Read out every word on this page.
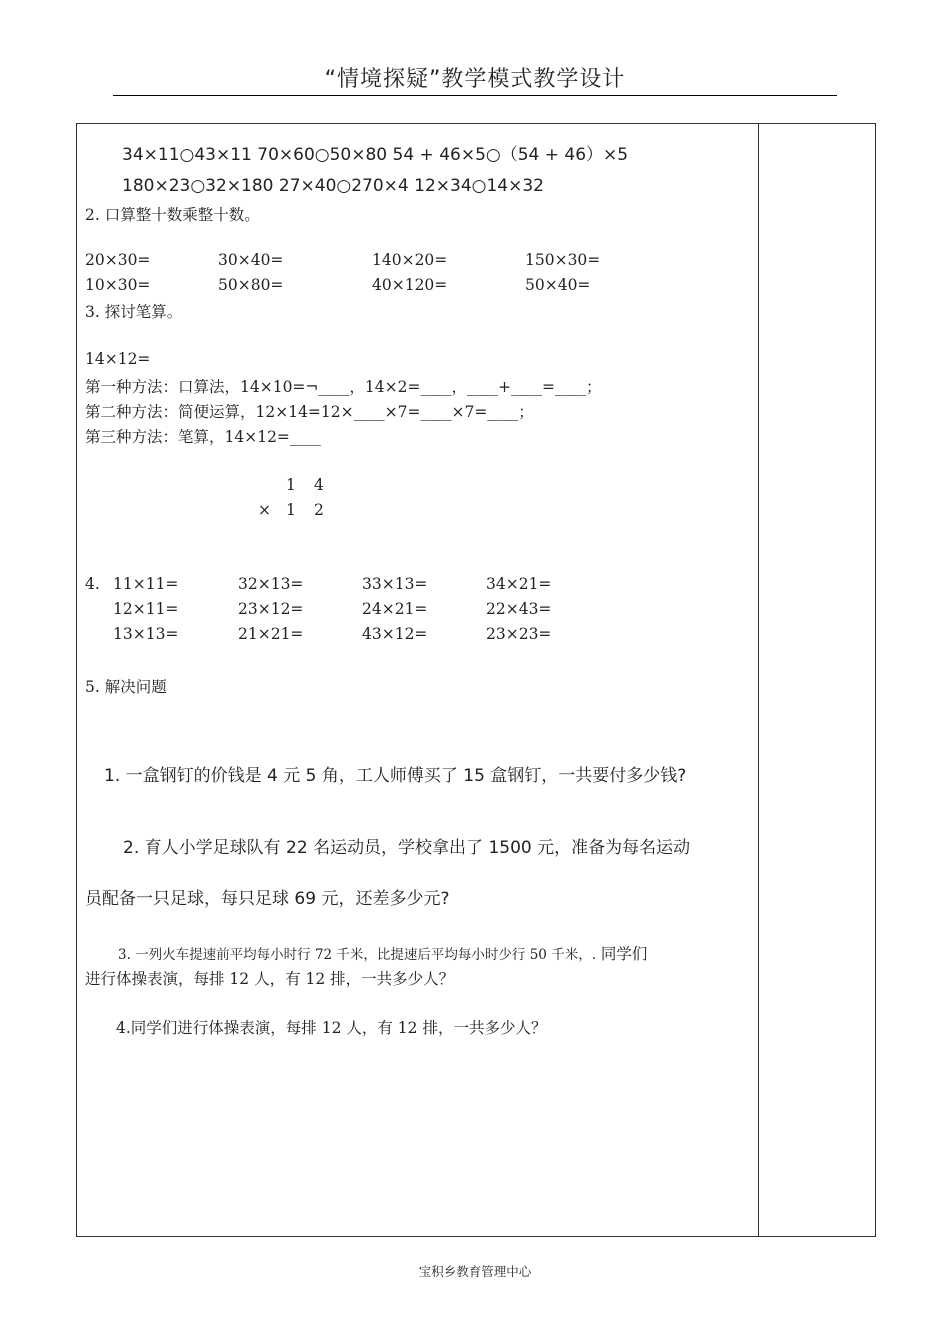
“情境探疑”教学模式教学设计
34×11○43×11 70×60○50×80 54 + 46×5○（54 + 46）×5
180×23○32×180 27×40○270×4 12×34○14×32
2. 口算整十数乘整十数。
20×30=	30×40=	140×20=	150×30=
10×30=	50×80=	40×120=	50×40=
3. 探讨笔算。
14×12=
第一种方法：口算法，14×10=¬____，14×2=____，____+____=____；
第二种方法：简便运算，12×14=12×____×7=____×7=____；
第三种方法：笔算，14×12=____
1 4
× 1 2
4. 11×11=	32×13=	33×13=	34×21=
12×11=	23×12=	24×21=	22×43=
13×13=	21×21=	43×12=	23×23=
5. 解决问题
1. 一盒钢钉的价钱是 4 元 5 角，工人师傅买了 15 盒钢钉，一共要付多少钱?
2. 育人小学足球队有 22 名运动员，学校拿出了 1500 元，准备为每名运动
员配备一只足球，每只足球 69 元，还差多少元?
3. 一列火车提速前平均每小时行 72 千米，比提速后平均每小时少行 50 千米，. 同学们
进行体操表演，每排 12 人，有 12 排，一共多少人？
4.同学们进行体操表演，每排 12 人，有 12 排，一共多少人？
宝积乡教育管理中心
